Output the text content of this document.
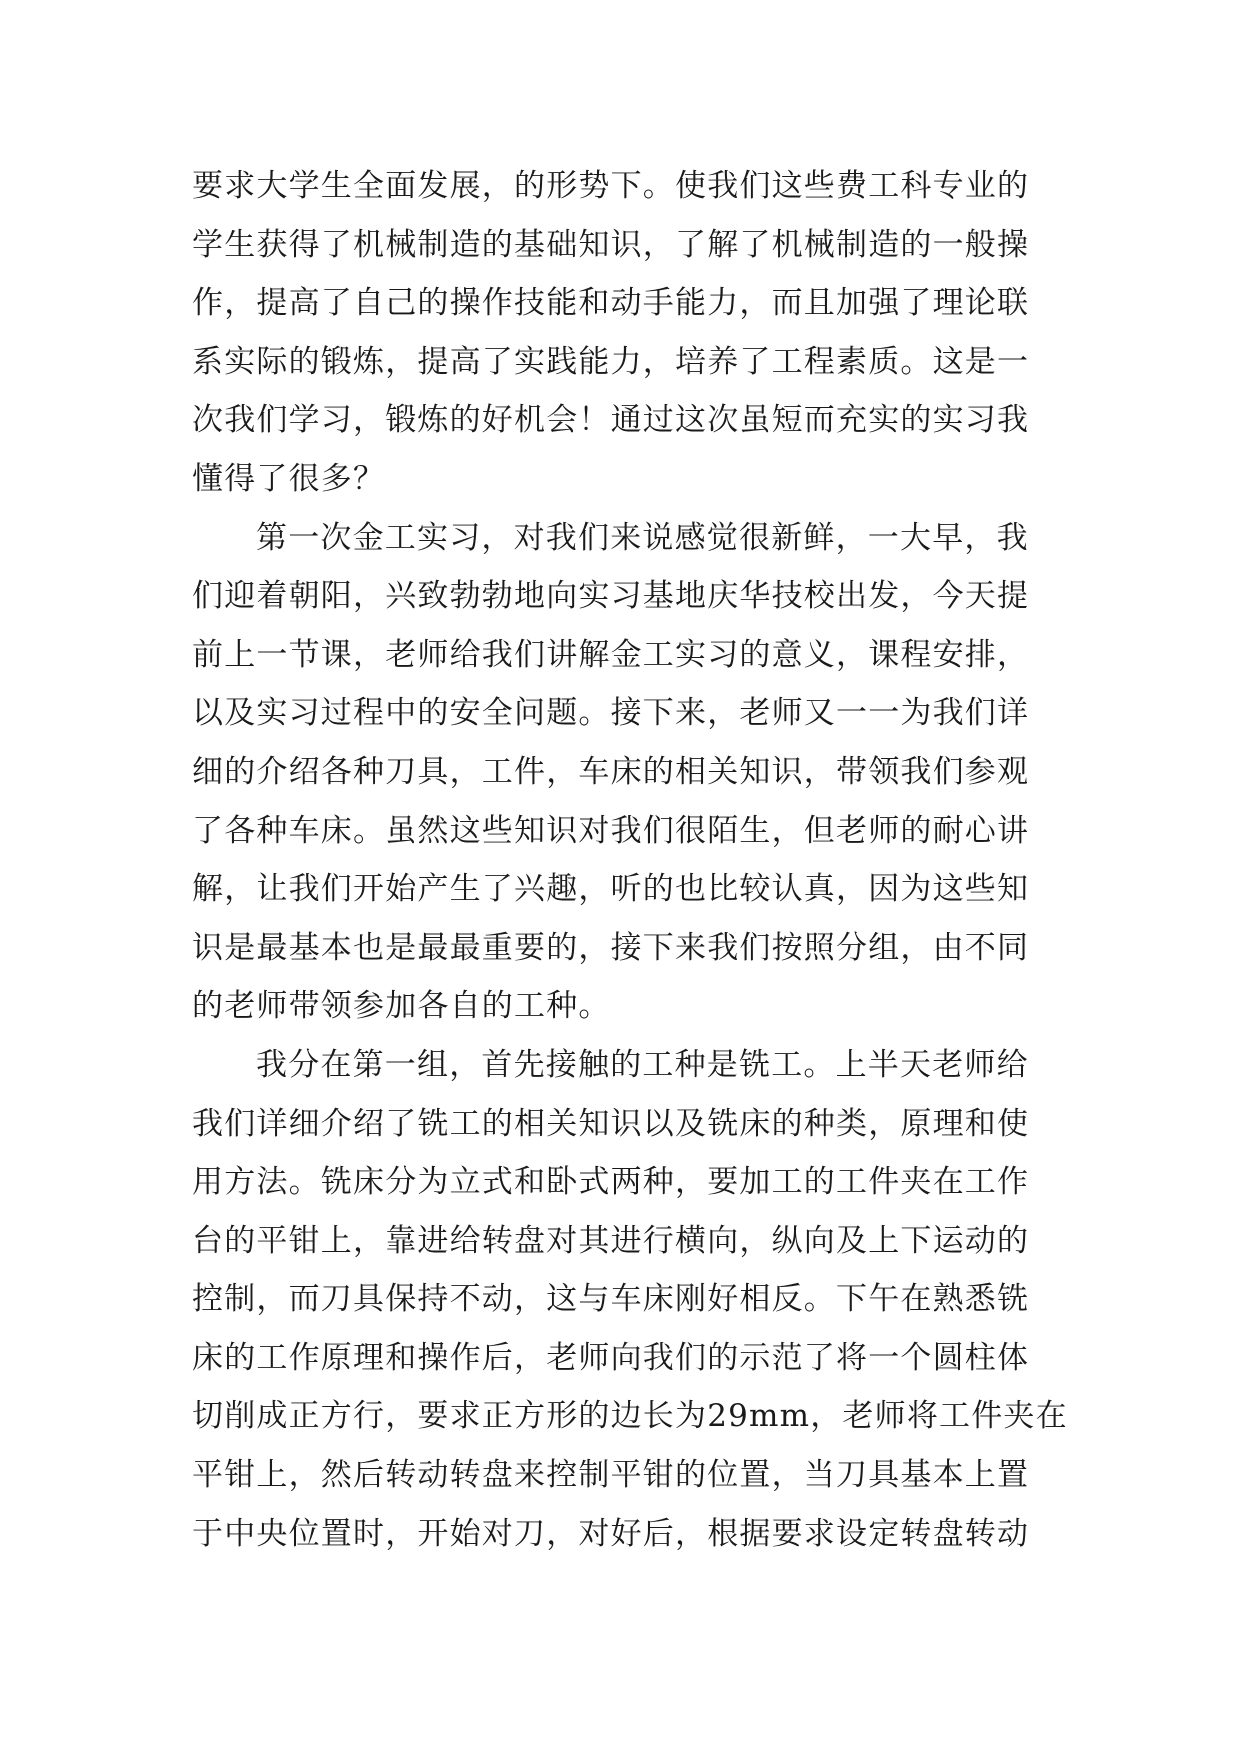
要求大学生全面发展，的形势下。使我们这些费工科专业的
学生获得了机械制造的基础知识，了解了机械制造的一般操
作，提高了自己的操作技能和动手能力，而且加强了理论联
系实际的锻炼，提高了实践能力，培养了工程素质。这是一
次我们学习，锻炼的好机会！通过这次虽短而充实的实习我
懂得了很多？
第一次金工实习，对我们来说感觉很新鲜，一大早，我
们迎着朝阳，兴致勃勃地向实习基地庆华技校出发，今天提
前上一节课，老师给我们讲解金工实习的意义，课程安排，
以及实习过程中的安全问题。接下来，老师又一一为我们详
细的介绍各种刀具，工件，车床的相关知识，带领我们参观
了各种车床。虽然这些知识对我们很陌生，但老师的耐心讲
解，让我们开始产生了兴趣，听的也比较认真，因为这些知
识是最基本也是最最重要的，接下来我们按照分组，由不同
的老师带领参加各自的工种。
我分在第一组，首先接触的工种是铣工。上半天老师给
我们详细介绍了铣工的相关知识以及铣床的种类，原理和使
用方法。铣床分为立式和卧式两种，要加工的工件夹在工作
台的平钳上，靠进给转盘对其进行横向，纵向及上下运动的
控制，而刀具保持不动，这与车床刚好相反。下午在熟悉铣
床的工作原理和操作后，老师向我们的示范了将一个圆柱体
切削成正方行，要求正方形的边长为29mm，老师将工件夹在
平钳上，然后转动转盘来控制平钳的位置，当刀具基本上置
于中央位置时，开始对刀，对好后，根据要求设定转盘转动
